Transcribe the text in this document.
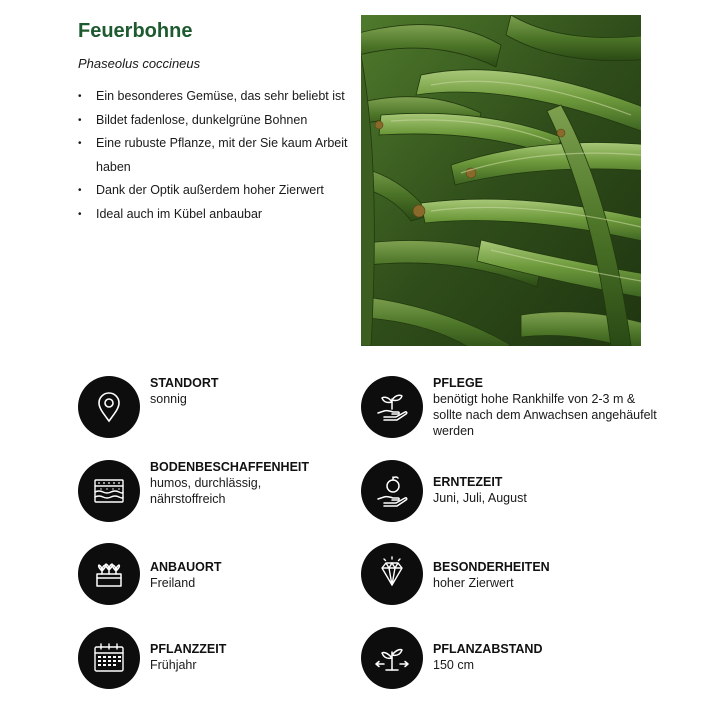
Feuerbohne
Phaseolus coccineus
• Ein besonderes Gemüse, das sehr beliebt ist
• Bildet fadenlose, dunkelgrüne Bohnen
• Eine rubuste Pflanze, mit der Sie kaum Arbeit haben
• Dank der Optik außerdem hoher Zierwert
• Ideal auch im Kübel anbaubar
STANDORT
sonnig
PFLEGE
benötigt hohe Rankhilfe von 2-3 m & sollte nach dem Anwachsen angehäufelt werden
BODENBESCHAFFENHEIT
humos, durchlässig, nährstoffreich
ERNTEZEIT
Juni, Juli, August
ANBAUORT
Freiland
BESONDERHEITEN
hoher Zierwert
PFLANZZEIT
Frühjahr
PFLANZABSTAND
150 cm
